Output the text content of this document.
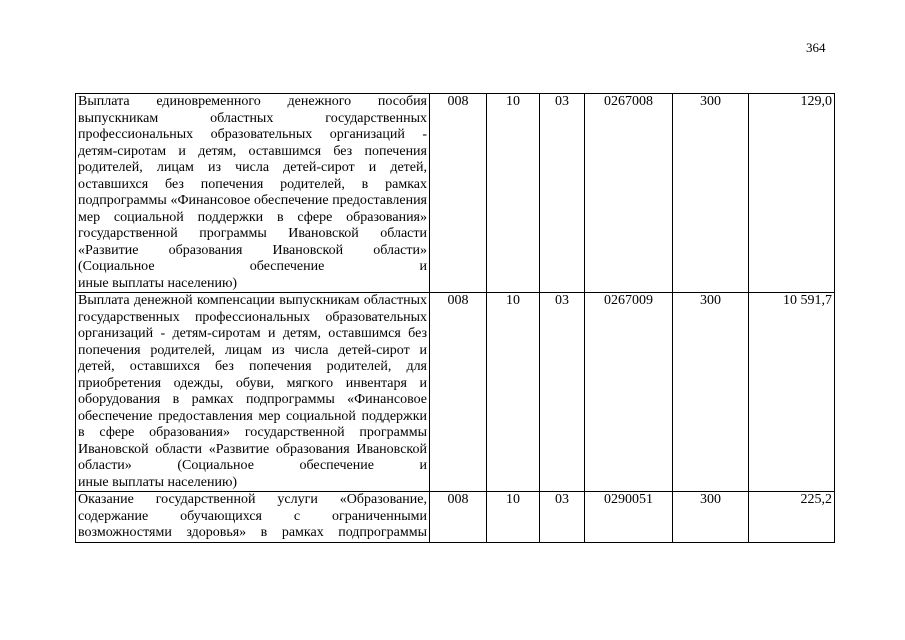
364
Выплата единовременного денежного пособия выпускникам областных государственных профессиональных образовательных организаций - детям-сиротам и детям, оставшимся без попечения родителей, лицам из числа детей-сирот и детей, оставшихся без попечения родителей, в рамках подпрограммы «Финансовое обеспечение предоставления мер социальной поддержки в сфере образования» государственной программы Ивановской области «Развитие образования Ивановской области» (Социальное обеспечение и
иные выплаты населению)	008	10	03	0267008	300	129,0

Выплата денежной компенсации выпускникам областных государственных профессиональных образовательных организаций - детям-сиротам и детям, оставшимся без попечения родителей, лицам из числа детей-сирот и детей, оставшихся без попечения родителей, для приобретения одежды, обуви, мягкого инвентаря и оборудования в рамках подпрограммы «Финансовое обеспечение предоставления мер социальной поддержки в сфере образования» государственной программы Ивановской области «Развитие образования Ивановской области» (Социальное обеспечение и
иные выплаты населению)	008	10	03	0267009	300	10 591,7

Оказание государственной услуги «Образование, содержание обучающихся с ограниченными возможностями здоровья» в рамках подпрограммы	008	10	03	0290051	300	225,2
